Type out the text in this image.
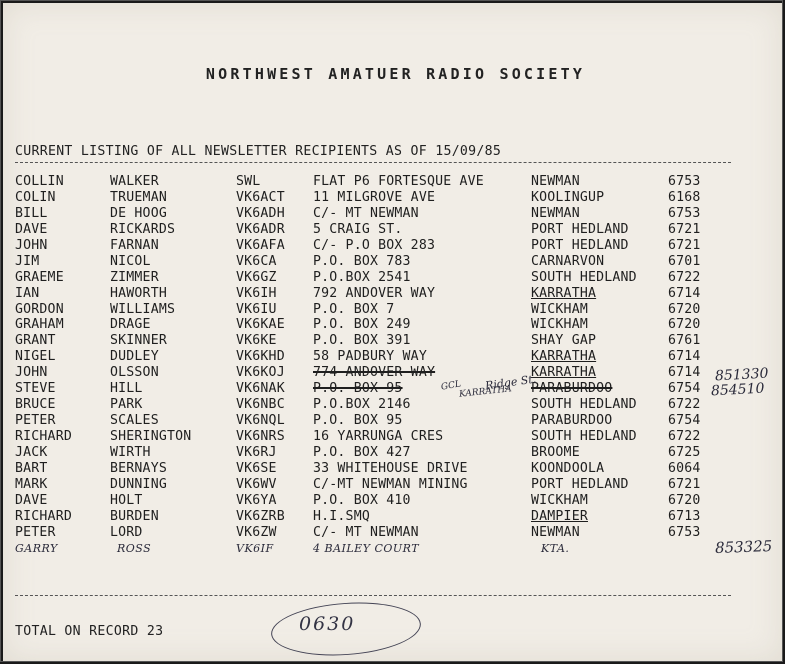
NORTHWEST AMATUER RADIO SOCIETY
CURRENT LISTING OF ALL NEWSLETTER RECIPIENTS AS OF 15/09/85
COLLIN	WALKER	SWL	FLAT P6 FORTESQUE AVE	NEWMAN	6753
COLIN	TRUEMAN	VK6ACT 11 MILGROVE AVE	KOOLINGUP	6168
BILL	DE HOOG	VK6ADH C/- MT NEWMAN	NEWMAN	6753
DAVE	RICKARDS	VK6ADR 5 CRAIG ST.	PORT HEDLAND	6721
JOHN	FARNAN	VK6AFA C/- P.O BOX 283	PORT HEDLAND	6721
JIM	NICOL	VK6CA	P.O. BOX 783	CARNARVON	6701
GRAEME	ZIMMER	VK6GZ	P.O.BOX 2541	SOUTH HEDLAND 6722
IAN	HAWORTH	VK6IH	792 ANDOVER WAY	KARRATHA	6714
GORDON	WILLIAMS	VK6IU	P.O. BOX 7	WICKHAM	6720
GRAHAM	DRAGE	VK6KAE P.O. BOX 249	WICKHAM	6720
GRANT	SKINNER	VK6KE	P.O. BOX 391	SHAY GAP	6761
NIGEL	DUDLEY	VK6KHD 58 PADBURY WAY	KARRATHA	6714
JOHN	OLSSON	VK6KOJ 774 ANDOVER WAY	KARRATHA	6714
STEVE	HILL	VK6NAK P.O. BOX 95	PARABURDOO	6754
BRUCE	PARK	VK6NBC P.O.BOX 2146	SOUTH HEDLAND 6722
PETER	SCALES	VK6NQL P.O. BOX 95	PARABURDOO	6754
RICHARD	SHERINGTON	VK6NRS 16 YARRUNGA CRES	SOUTH HEDLAND 6722
JACK	WIRTH	VK6RJ	P.O. BOX 427	BROOME	6725
BART	BERNAYS	VK6SE	33 WHITEHOUSE DRIVE	KOONDOOLA	6064
MARK	DUNNING	VK6WV	C/-MT NEWMAN MINING	PORT HEDLAND	6721
DAVE	HOLT	VK6YA	P.O. BOX 410	WICKHAM	6720
RICHARD	BURDEN	VK6ZRB H.I.SMQ	DAMPIER	6713
PETER	LORD	VK6ZW	C/- MT NEWMAN	NEWMAN	6753
GARRY	ROSS	VK6IF	4 BAILEY COURT	KTA.
Ridge St.
GCL
KARRATHA
851330
854510
853325
TOTAL ON RECORD 23	0630
